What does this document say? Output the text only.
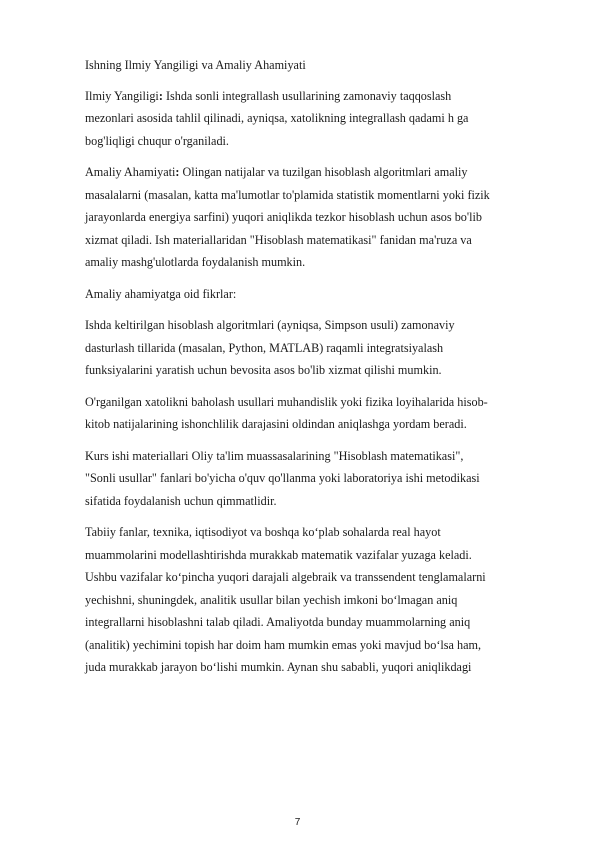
Ishning Ilmiy Yangiligi va Amaliy Ahamiyati

Ilmiy Yangiligi: Ishda sonli integrallash usullarining zamonaviy taqqoslash
mezonlari asosida tahlil qilinadi, ayniqsa, xatolikning integrallash qadami h ga
bog'liqligi chuqur o'rganiladi.

Amaliy Ahamiyati: Olingan natijalar va tuzilgan hisoblash algoritmlari amaliy
masalalarni (masalan, katta ma'lumotlar to'plamida statistik momentlarni yoki fizik
jarayonlarda energiya sarfini) yuqori aniqlikda tezkor hisoblash uchun asos bo'lib
xizmat qiladi. Ish materiallaridan "Hisoblash matematikasi" fanidan ma'ruza va
amaliy mashg'ulotlarda foydalanish mumkin.

Amaliy ahamiyatga oid fikrlar:

Ishda keltirilgan hisoblash algoritmlari (ayniqsa, Simpson usuli) zamonaviy
dasturlash tillarida (masalan, Python, MATLAB) raqamli integratsiyalash
funksiyalarini yaratish uchun bevosita asos bo'lib xizmat qilishi mumkin.

O'rganilgan xatolikni baholash usullari muhandislik yoki fizika loyihalarida hisob-
kitob natijalarining ishonchlilik darajasini oldindan aniqlashga yordam beradi.

Kurs ishi materiallari Oliy ta'lim muassasalarining "Hisoblash matematikasi",
"Sonli usullar" fanlari bo'yicha o'quv qo'llanma yoki laboratoriya ishi metodikasi
sifatida foydalanish uchun qimmatlidir.

Tabiiy fanlar, texnika, iqtisodiyot va boshqa koʻplab sohalarda real hayot
muammolarini modellashtirishda murakkab matematik vazifalar yuzaga keladi.
Ushbu vazifalar koʻpincha yuqori darajali algebraik va transsendent tenglamalarni
yechishni, shuningdek, analitik usullar bilan yechish imkoni boʻlmagan aniq
integrallarni hisoblashni talab qiladi. Amaliyotda bunday muammolarning aniq
(analitik) yechimini topish har doim ham mumkin emas yoki mavjud boʻlsa ham,
juda murakkab jarayon boʻlishi mumkin. Aynan shu sababli, yuqori aniqlikdagi

7
